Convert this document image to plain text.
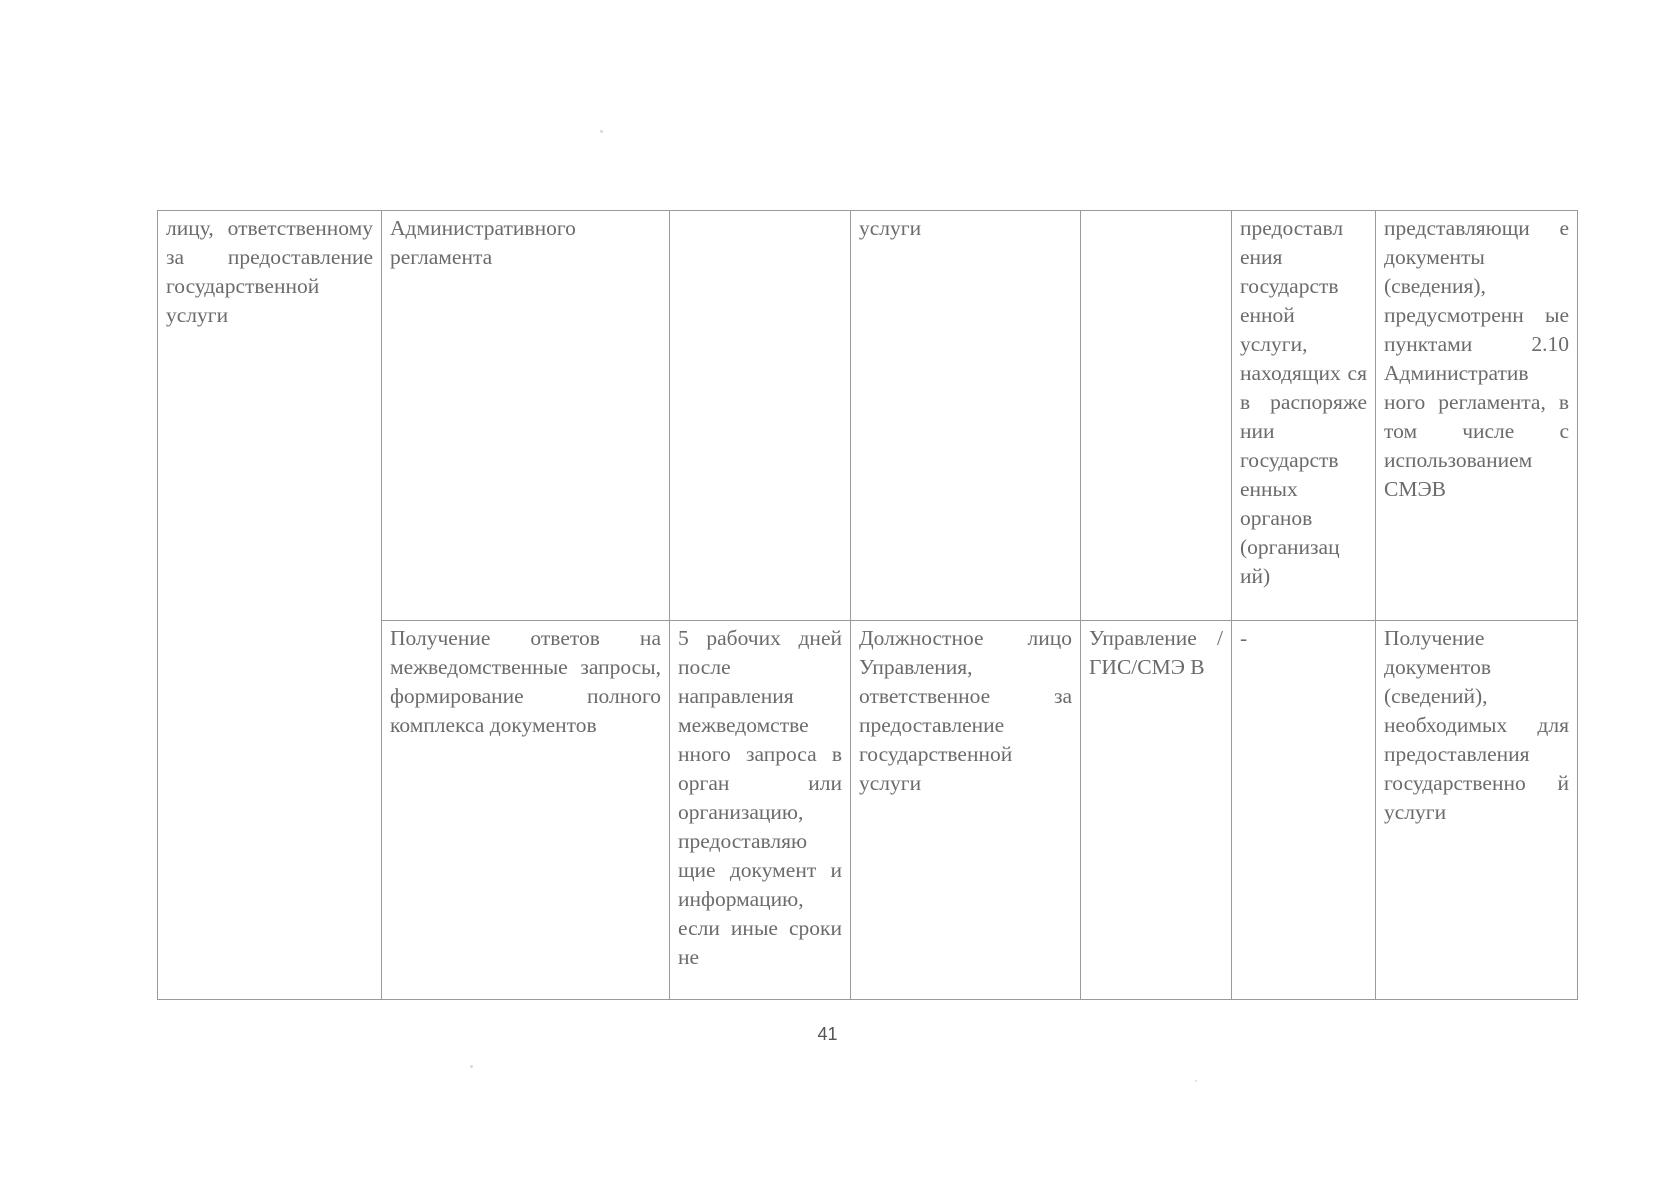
лицу, ответственному за предоставление государственной услуги	Административного регламента		услуги		предоставл ения государств енной услуги, находящих ся в распоряже нии государств енных органов (организац ий)	представляющи е документы (сведения), предусмотренн ые пунктами 2.10 Административ ного регламента, в том числе с использованием СМЭВ

	Получение ответов на межведомственные запросы, формирование полного комплекса документов	5 рабочих дней после направления межведомстве нного запроса в орган или организацию, предоставляю щие документ и информацию, если иные сроки не	Должностное лицо Управления, ответственное за предоставление государственной услуги	Управление /ГИС/СМЭ В	-	Получение документов (сведений), необходимых для предоставления государственно й услуги
41
